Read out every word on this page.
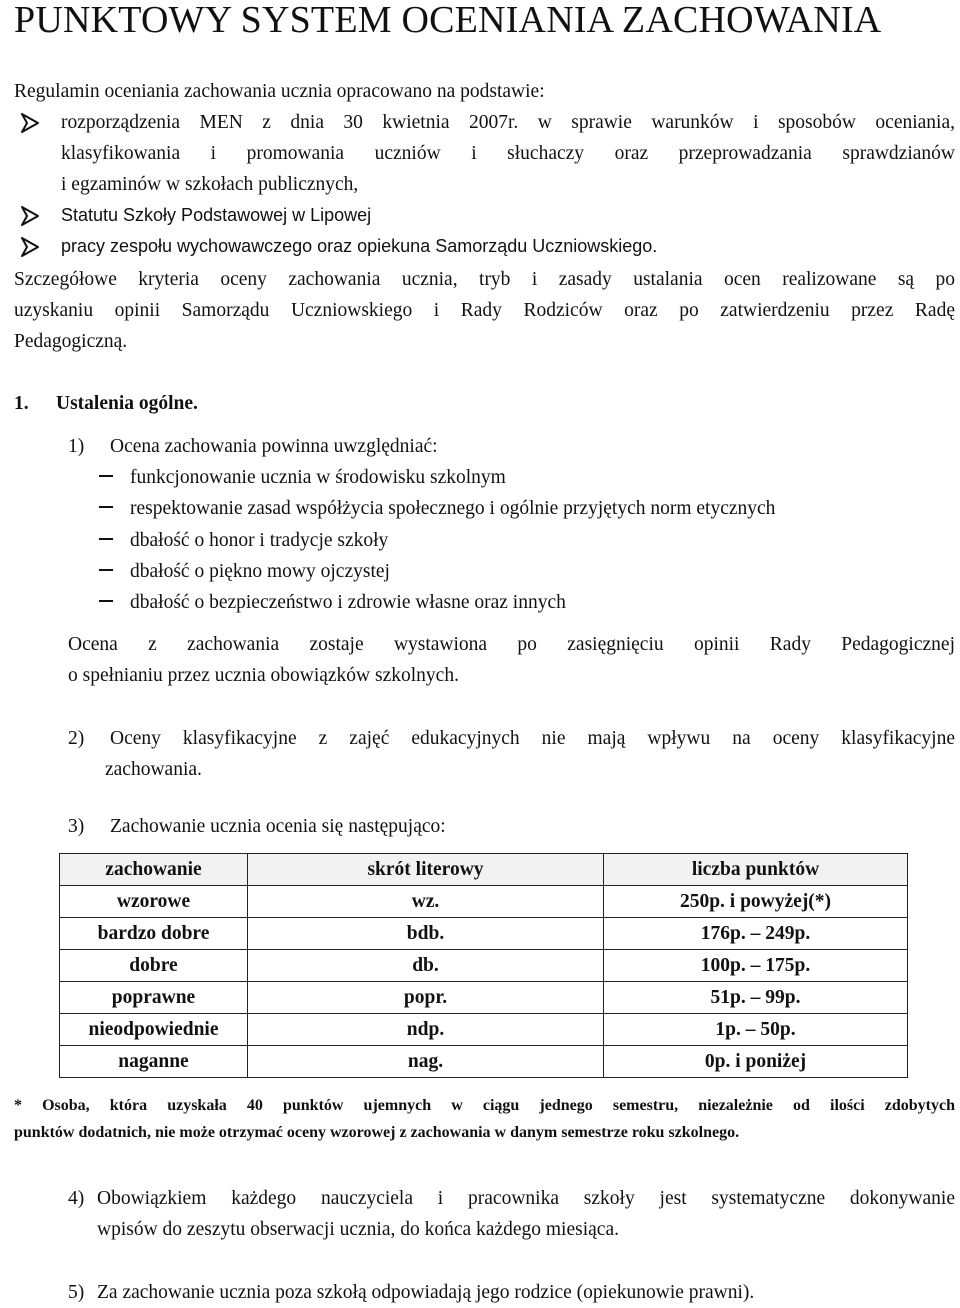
PUNKTOWY SYSTEM OCENIANIA ZACHOWANIA
Regulamin oceniania zachowania ucznia opracowano na podstawie:
rozporządzenia MEN z dnia 30 kwietnia 2007r. w sprawie warunków i sposobów oceniania,
klasyfikowania i promowania uczniów i słuchaczy oraz przeprowadzania sprawdzianów
i egzaminów w szkołach publicznych,
Statutu Szkoły Podstawowej w Lipowej
pracy zespołu wychowawczego oraz opiekuna Samorządu Uczniowskiego.
Szczegółowe kryteria oceny zachowania ucznia, tryb i zasady ustalania ocen realizowane są po
uzyskaniu opinii Samorządu Uczniowskiego i Rady Rodziców oraz po zatwierdzeniu przez Radę
Pedagogiczną.
1. Ustalenia ogólne.
1) Ocena zachowania powinna uwzględniać:
funkcjonowanie ucznia w środowisku szkolnym
respektowanie zasad współżycia społecznego i ogólnie przyjętych norm etycznych
dbałość o honor i tradycje szkoły
dbałość o piękno mowy ojczystej
dbałość o bezpieczeństwo i zdrowie własne oraz innych
Ocena z zachowania zostaje wystawiona po zasięgnięciu opinii Rady Pedagogicznej
o spełnianiu przez ucznia obowiązków szkolnych.
2) Oceny klasyfikacyjne z zajęć edukacyjnych nie mają wpływu na oceny klasyfikacyjne
zachowania.
3) Zachowanie ucznia ocenia się następująco:
zachowanie	skrót literowy	liczba punktów
wzorowe	wz.	250p. i powyżej(*)
bardzo dobre	bdb.	176p. – 249p.
dobre	db.	100p. – 175p.
poprawne	popr.	51p. – 99p.
nieodpowiednie	ndp.	1p. – 50p.
naganne	nag.	0p. i poniżej
* Osoba, która uzyskała 40 punktów ujemnych w ciągu jednego semestru, niezależnie od ilości zdobytych
punktów dodatnich, nie może otrzymać oceny wzorowej z zachowania w danym semestrze roku szkolnego.
4) Obowiązkiem każdego nauczyciela i pracownika szkoły jest systematyczne dokonywanie
wpisów do zeszytu obserwacji ucznia, do końca każdego miesiąca.
5) Za zachowanie ucznia poza szkołą odpowiadają jego rodzice (opiekunowie prawni).
